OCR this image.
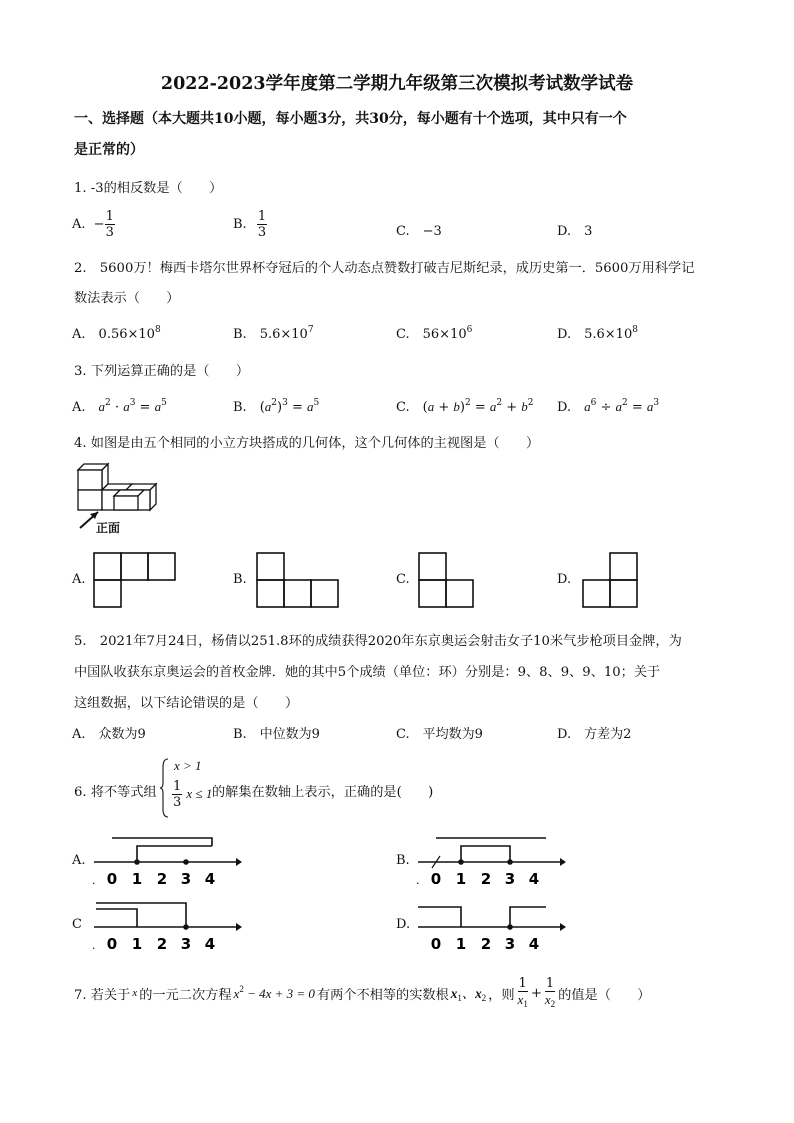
2022-2023学年度第二学期九年级第三次模拟考试数学试卷
一、选择题（本大题共10小题，每小题3分，共30分，每小题有十个选项，其中只有一个
是正常的）
1. -3的相反数是（　　）
A. − $\frac{1}{3}$	B. $\frac{1}{3}$	C.　 −3	D.　 3
2.　5600万！梅西卡塔尔世界杯夺冠后的个人动态点赞数打破吉尼斯纪录，成历史第一．5600万用科学记
数法表示（　　）
A.　 $0.56\times 10^8$	B.　 $5.6\times 10^7$	C.　 $56\times 10^6$	D.　 $5.6\times 10^8$
3. 下列运算正确的是（　　）
A.　 $a^2 \cdot a^3 = a^5$	B.　$(a^2)^3 = a^5$	C.　$(a + b)^2 = a^2 + b^2$ D.　 $a^6 \div a^2 = a^3$
4. 如图是由五个相同的小立方块搭成的几何体，这个几何体的主视图是（　　）
正面
A.	B.	C.	D.
5.　2021年7月24日，杨倩以251.8环的成绩获得2020年东京奥运会射击女子10米气步枪项目金牌，为
中国队收获东京奥运会的首枚金牌．她的其中5个成绩（单位：环）分别是：9、8、9、9、10；关于
这组数据，以下结论错误的是（　　）
A.　众数为9	B.　中位数为9	C.　平均数为9	D.　方差为2
6. 将不等式组
x > 1
$\frac{1}{3}$ x ≤ 1 的解集在数轴上表示，正确的是(　　)
A.
. 0 1 2 3 4
B.
. 0 1 2 3 4
C
. 0 1 2 3 4
D.
0 1 2 3 4
7. 若关于 x 的一元二次方程 $x^2 - 4x + 3 = 0$ 有两个不相等的实数根 $x_1$、$x_2$ ，则 $\frac{1}{x_1} + \frac{1}{x_2}$ 的值是（　　）
